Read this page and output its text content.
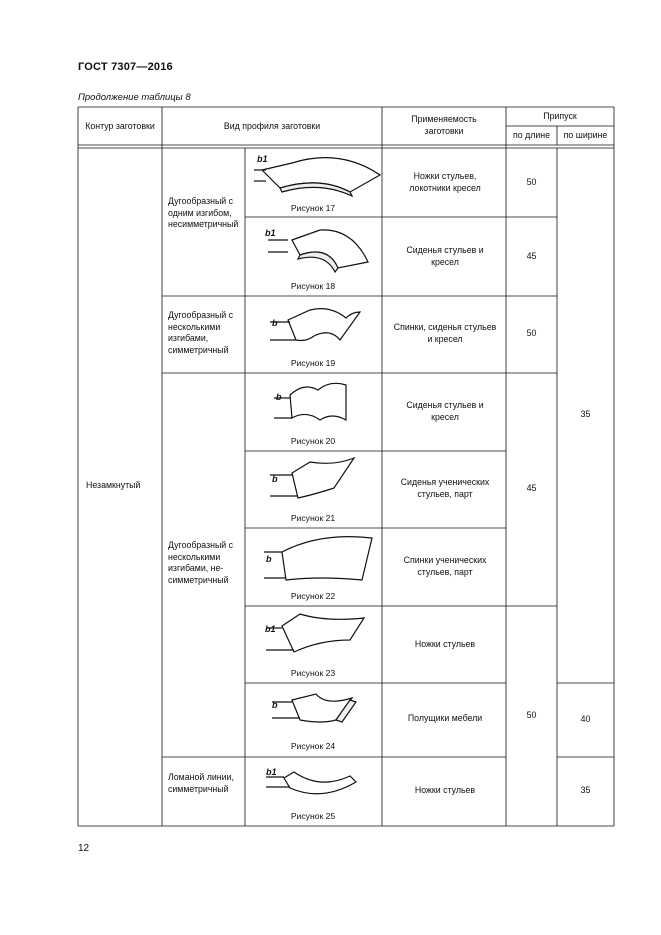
ГОСТ 7307—2016
Продолжение таблицы 8
Контур заготовки	Вид профиля заготовки
Применяемость заготовки
Припуск
по длине	по ширине
Незамкнутый
Дугообразный с одним изгибом, несимметричный
Дугообразный с несколькими изгибами, симметричный
Дугообразный с несколькими изгибами, несимметричный
Ломаной линии, симметричный
b1
b1
b
b
b
b
b1
b
b1
Рисунок 17
Рисунок 18
Рисунок 19
Рисунок 20
Рисунок 21
Рисунок 22
Рисунок 23
Рисунок 24
Рисунок 25
Ножки стульев, локотники кресел
Сиденья стульев и кресел
Спинки, сиденья стульев и кресел
Сиденья стульев и кресел
Сиденья ученических стульев, парт
Спинки ученических стульев, парт
Ножки стульев
Полущики мебели
Ножки стульев
50
45
50
45
50
35
40
35
12
